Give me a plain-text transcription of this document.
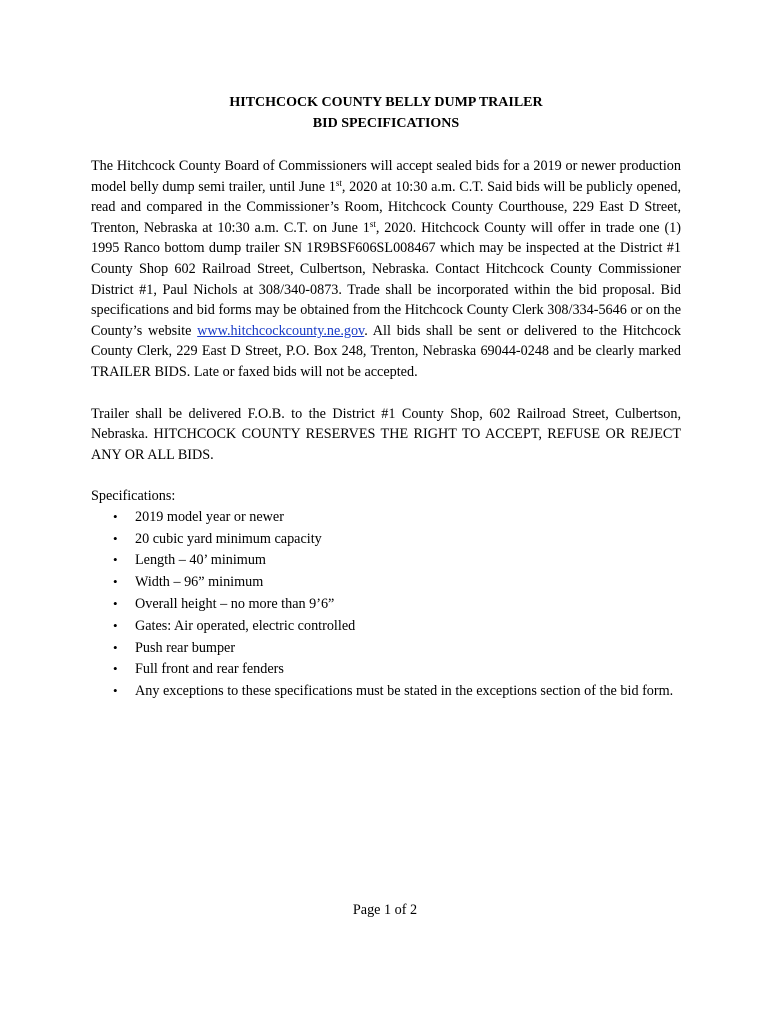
HITCHCOCK COUNTY BELLY DUMP TRAILER

BID SPECIFICATIONS

The Hitchcock County Board of Commissioners will accept sealed bids for a 2019 or newer production model belly dump semi trailer, until June 1st, 2020 at 10:30 a.m. C.T. Said bids will be publicly opened, read and compared in the Commissioner’s Room, Hitchcock County Courthouse, 229 East D Street, Trenton, Nebraska at 10:30 a.m. C.T. on June 1st, 2020. Hitchcock County will offer in trade one (1) 1995 Ranco bottom dump trailer SN 1R9BSF606SL008467 which may be inspected at the District #1 County Shop 602 Railroad Street, Culbertson, Nebraska. Contact Hitchcock County Commissioner District #1, Paul Nichols at 308/340-0873. Trade shall be incorporated within the bid proposal. Bid specifications and bid forms may be obtained from the Hitchcock County Clerk 308/334-5646 or on the County’s website www.hitchcockcounty.ne.gov. All bids shall be sent or delivered to the Hitchcock County Clerk, 229 East D Street, P.O. Box 248, Trenton, Nebraska 69044-0248 and be clearly marked TRAILER BIDS. Late or faxed bids will not be accepted.

Trailer shall be delivered F.O.B. to the District #1 County Shop, 602 Railroad Street, Culbertson, Nebraska. HITCHCOCK COUNTY RESERVES THE RIGHT TO ACCEPT, REFUSE OR REJECT ANY OR ALL BIDS.

Specifications:

• 2019 model year or newer
• 20 cubic yard minimum capacity
• Length – 40’ minimum
• Width – 96” minimum
• Overall height – no more than 9’6”
• Gates: Air operated, electric controlled
• Push rear bumper
• Full front and rear fenders
• Any exceptions to these specifications must be stated in the exceptions section of the bid form.
Page 1 of 2
